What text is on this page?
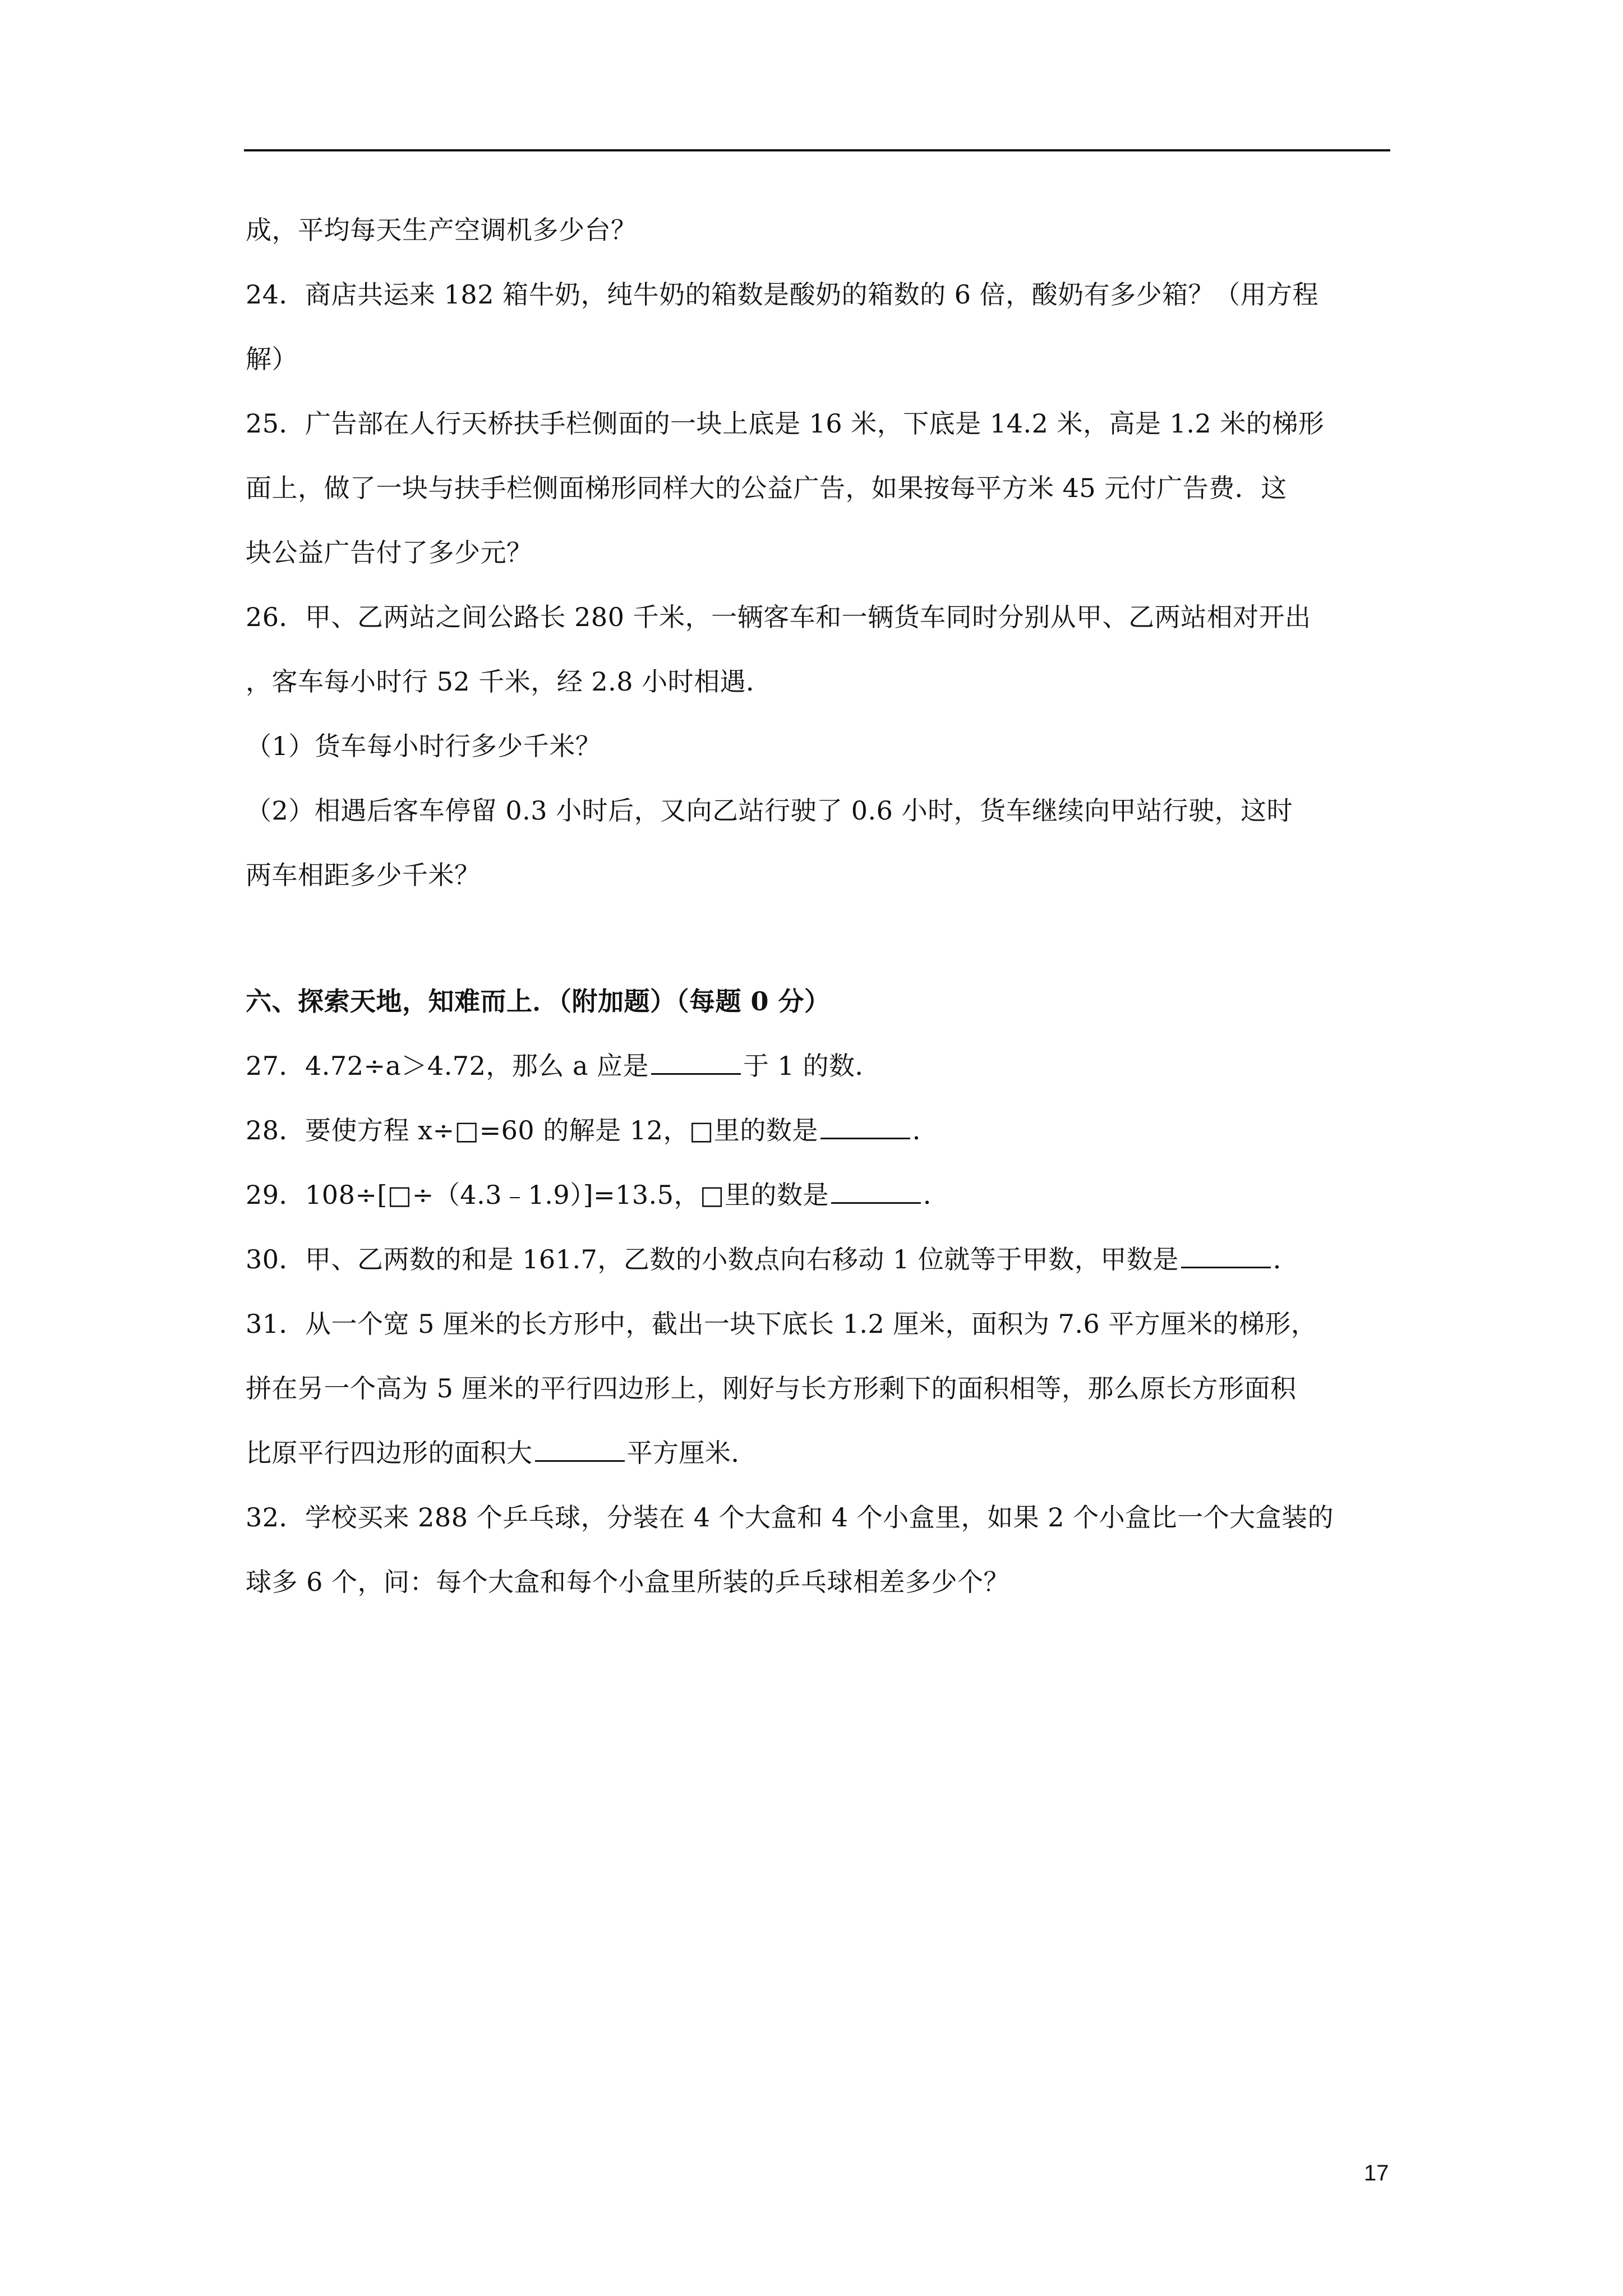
成，平均每天生产空调机多少台？
24．商店共运来 182 箱牛奶，纯牛奶的箱数是酸奶的箱数的 6 倍，酸奶有多少箱？（用方程
解）
25．广告部在人行天桥扶手栏侧面的一块上底是 16 米，下底是 14.2 米，高是 1.2 米的梯形
面上，做了一块与扶手栏侧面梯形同样大的公益广告，如果按每平方米 45 元付广告费．这
块公益广告付了多少元？
26．甲、乙两站之间公路长 280 千米，一辆客车和一辆货车同时分别从甲、乙两站相对开出
，客车每小时行 52 千米，经 2.8 小时相遇．
（1）货车每小时行多少千米？
（2）相遇后客车停留 0.3 小时后，又向乙站行驶了 0.6 小时，货车继续向甲站行驶，这时
两车相距多少千米？
六、探索天地，知难而上．（附加题）（每题 0 分）
27．4.72÷a＞4.72，那么 a 应是	于 1 的数．
28．要使方程 x÷□=60 的解是 12，□里的数是	．
29．108÷[□÷（4.3﹣1.9）]=13.5，□里的数是	．
30．甲、乙两数的和是 161.7，乙数的小数点向右移动 1 位就等于甲数，甲数是	．
31．从一个宽 5 厘米的长方形中，截出一块下底长 1.2 厘米，面积为 7.6 平方厘米的梯形，
拼在另一个高为 5 厘米的平行四边形上，刚好与长方形剩下的面积相等，那么原长方形面积
比原平行四边形的面积大	平方厘米．
32．学校买来 288 个乒乓球，分装在 4 个大盒和 4 个小盒里，如果 2 个小盒比一个大盒装的
球多 6 个，问：每个大盒和每个小盒里所装的乒乓球相差多少个？
17
